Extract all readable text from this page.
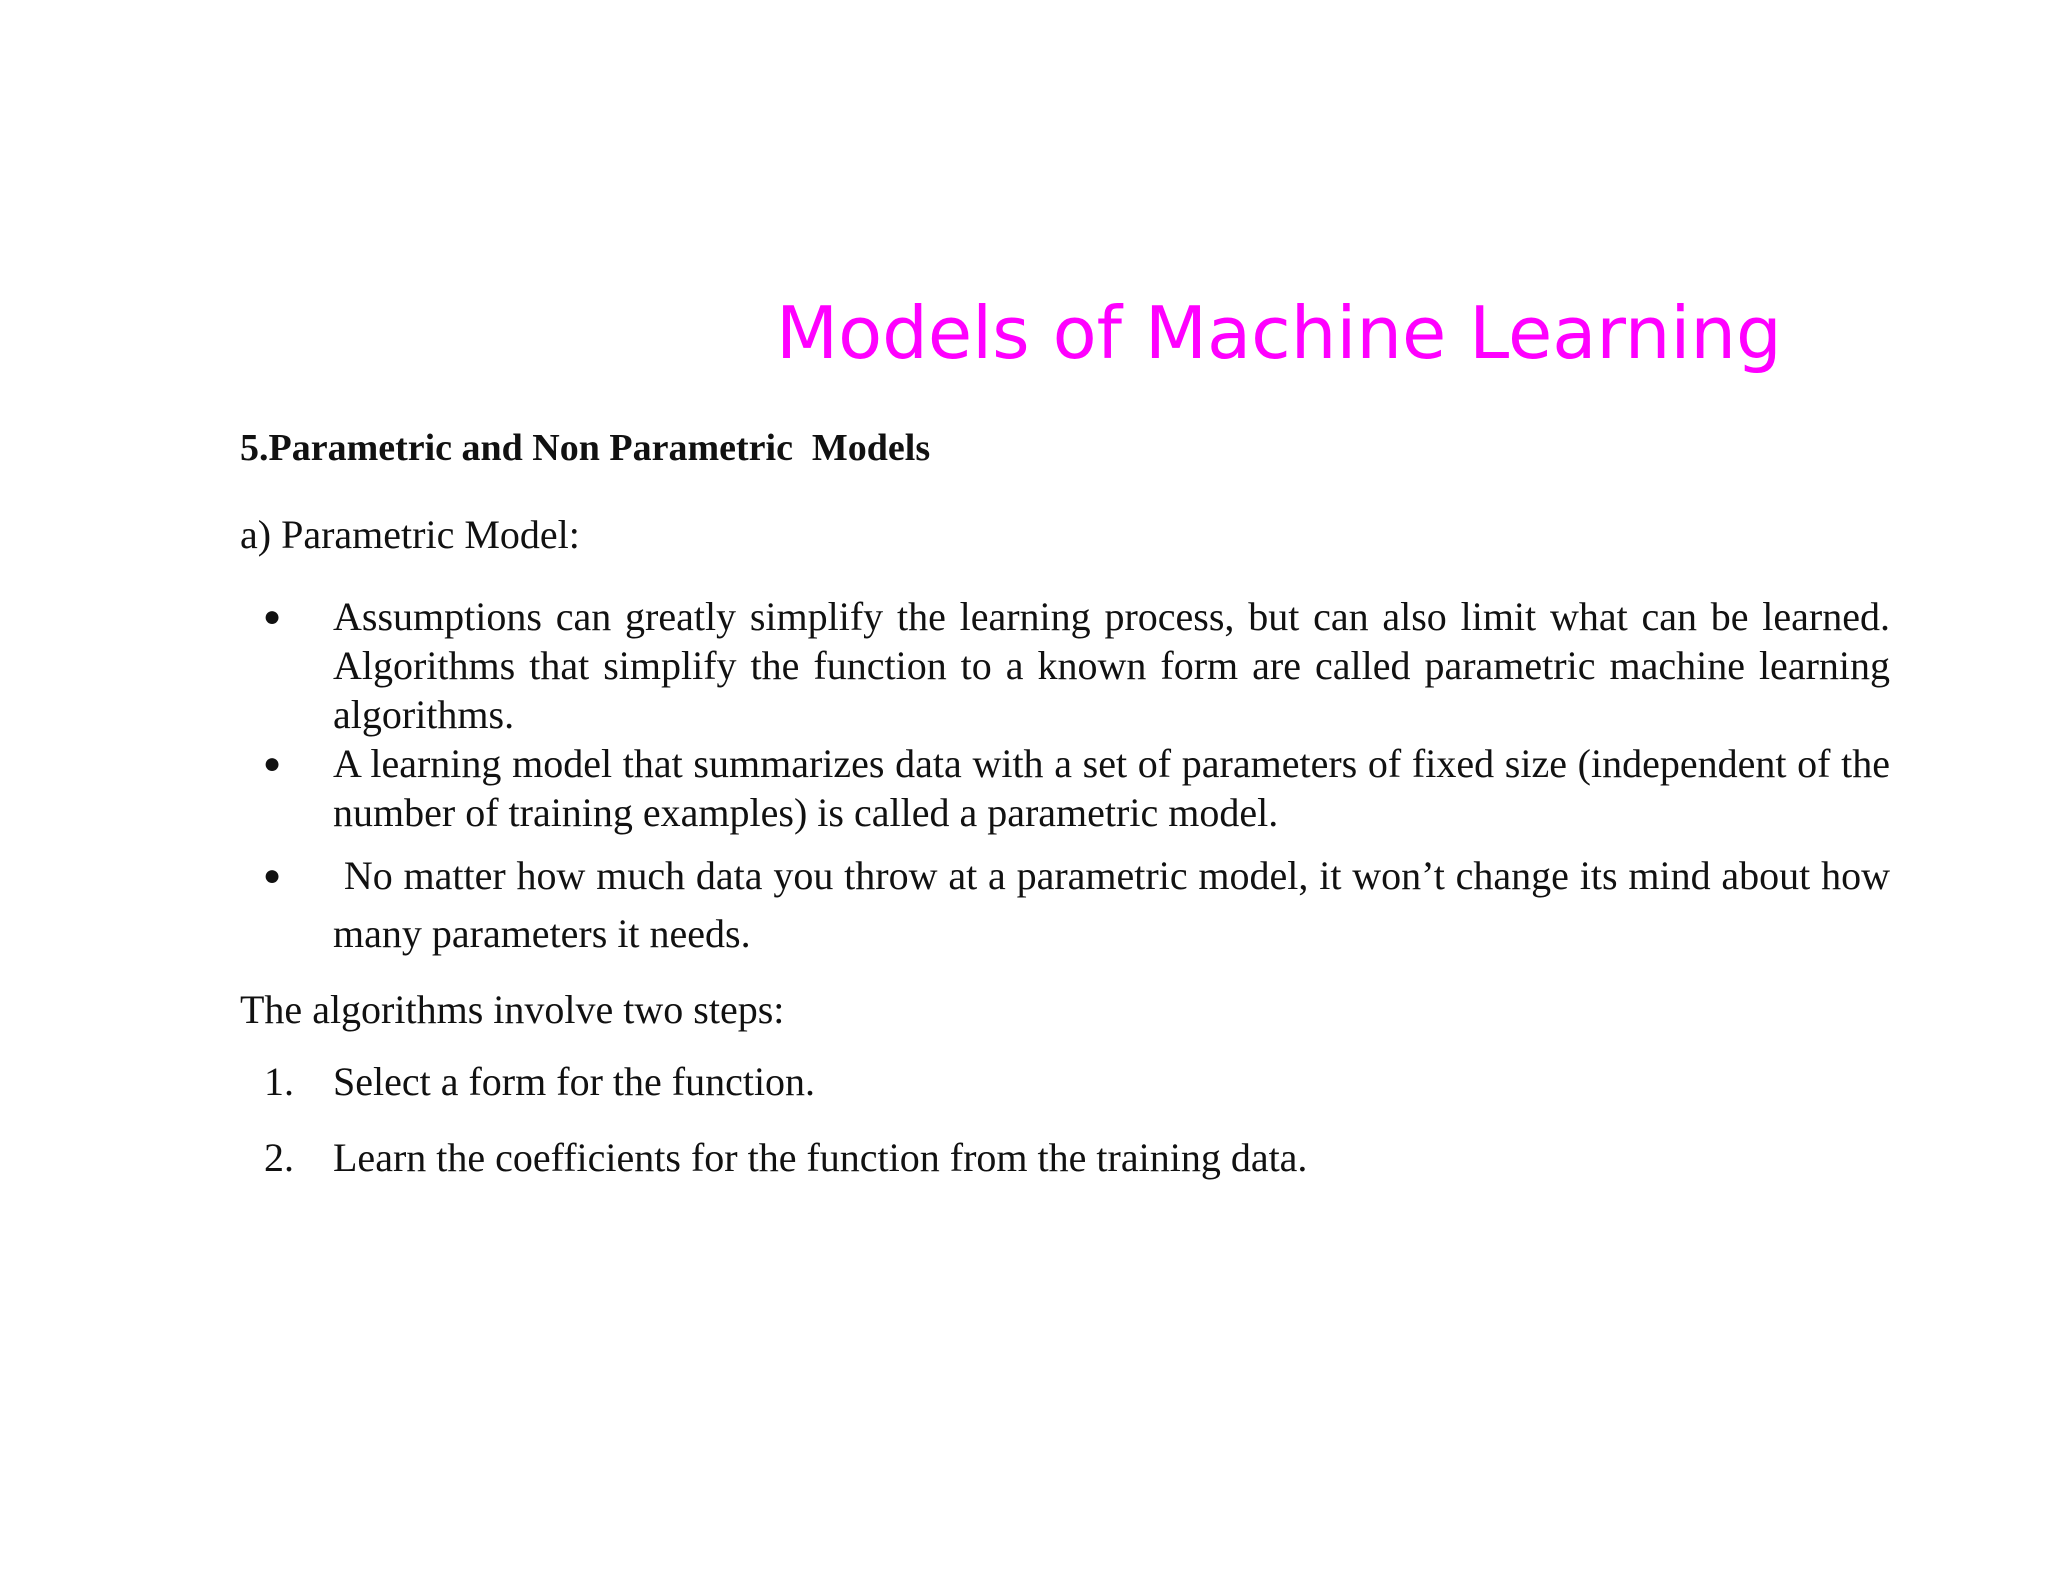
Models of Machine Learning
5.Parametric and Non Parametric  Models
a) Parametric Model:
● Assumptions can greatly simplify the learning process, but can also limit what can be learned. Algorithms that simplify the function to a known form are called parametric machine learning algorithms.
● A learning model that summarizes data with a set of parameters of fixed size (independent of the number of training examples) is called a parametric model.
● No matter how much data you throw at a parametric model, it won’t change its mind about how many parameters it needs.
The algorithms involve two steps:
1. Select a form for the function.
2. Learn the coefficients for the function from the training data.
